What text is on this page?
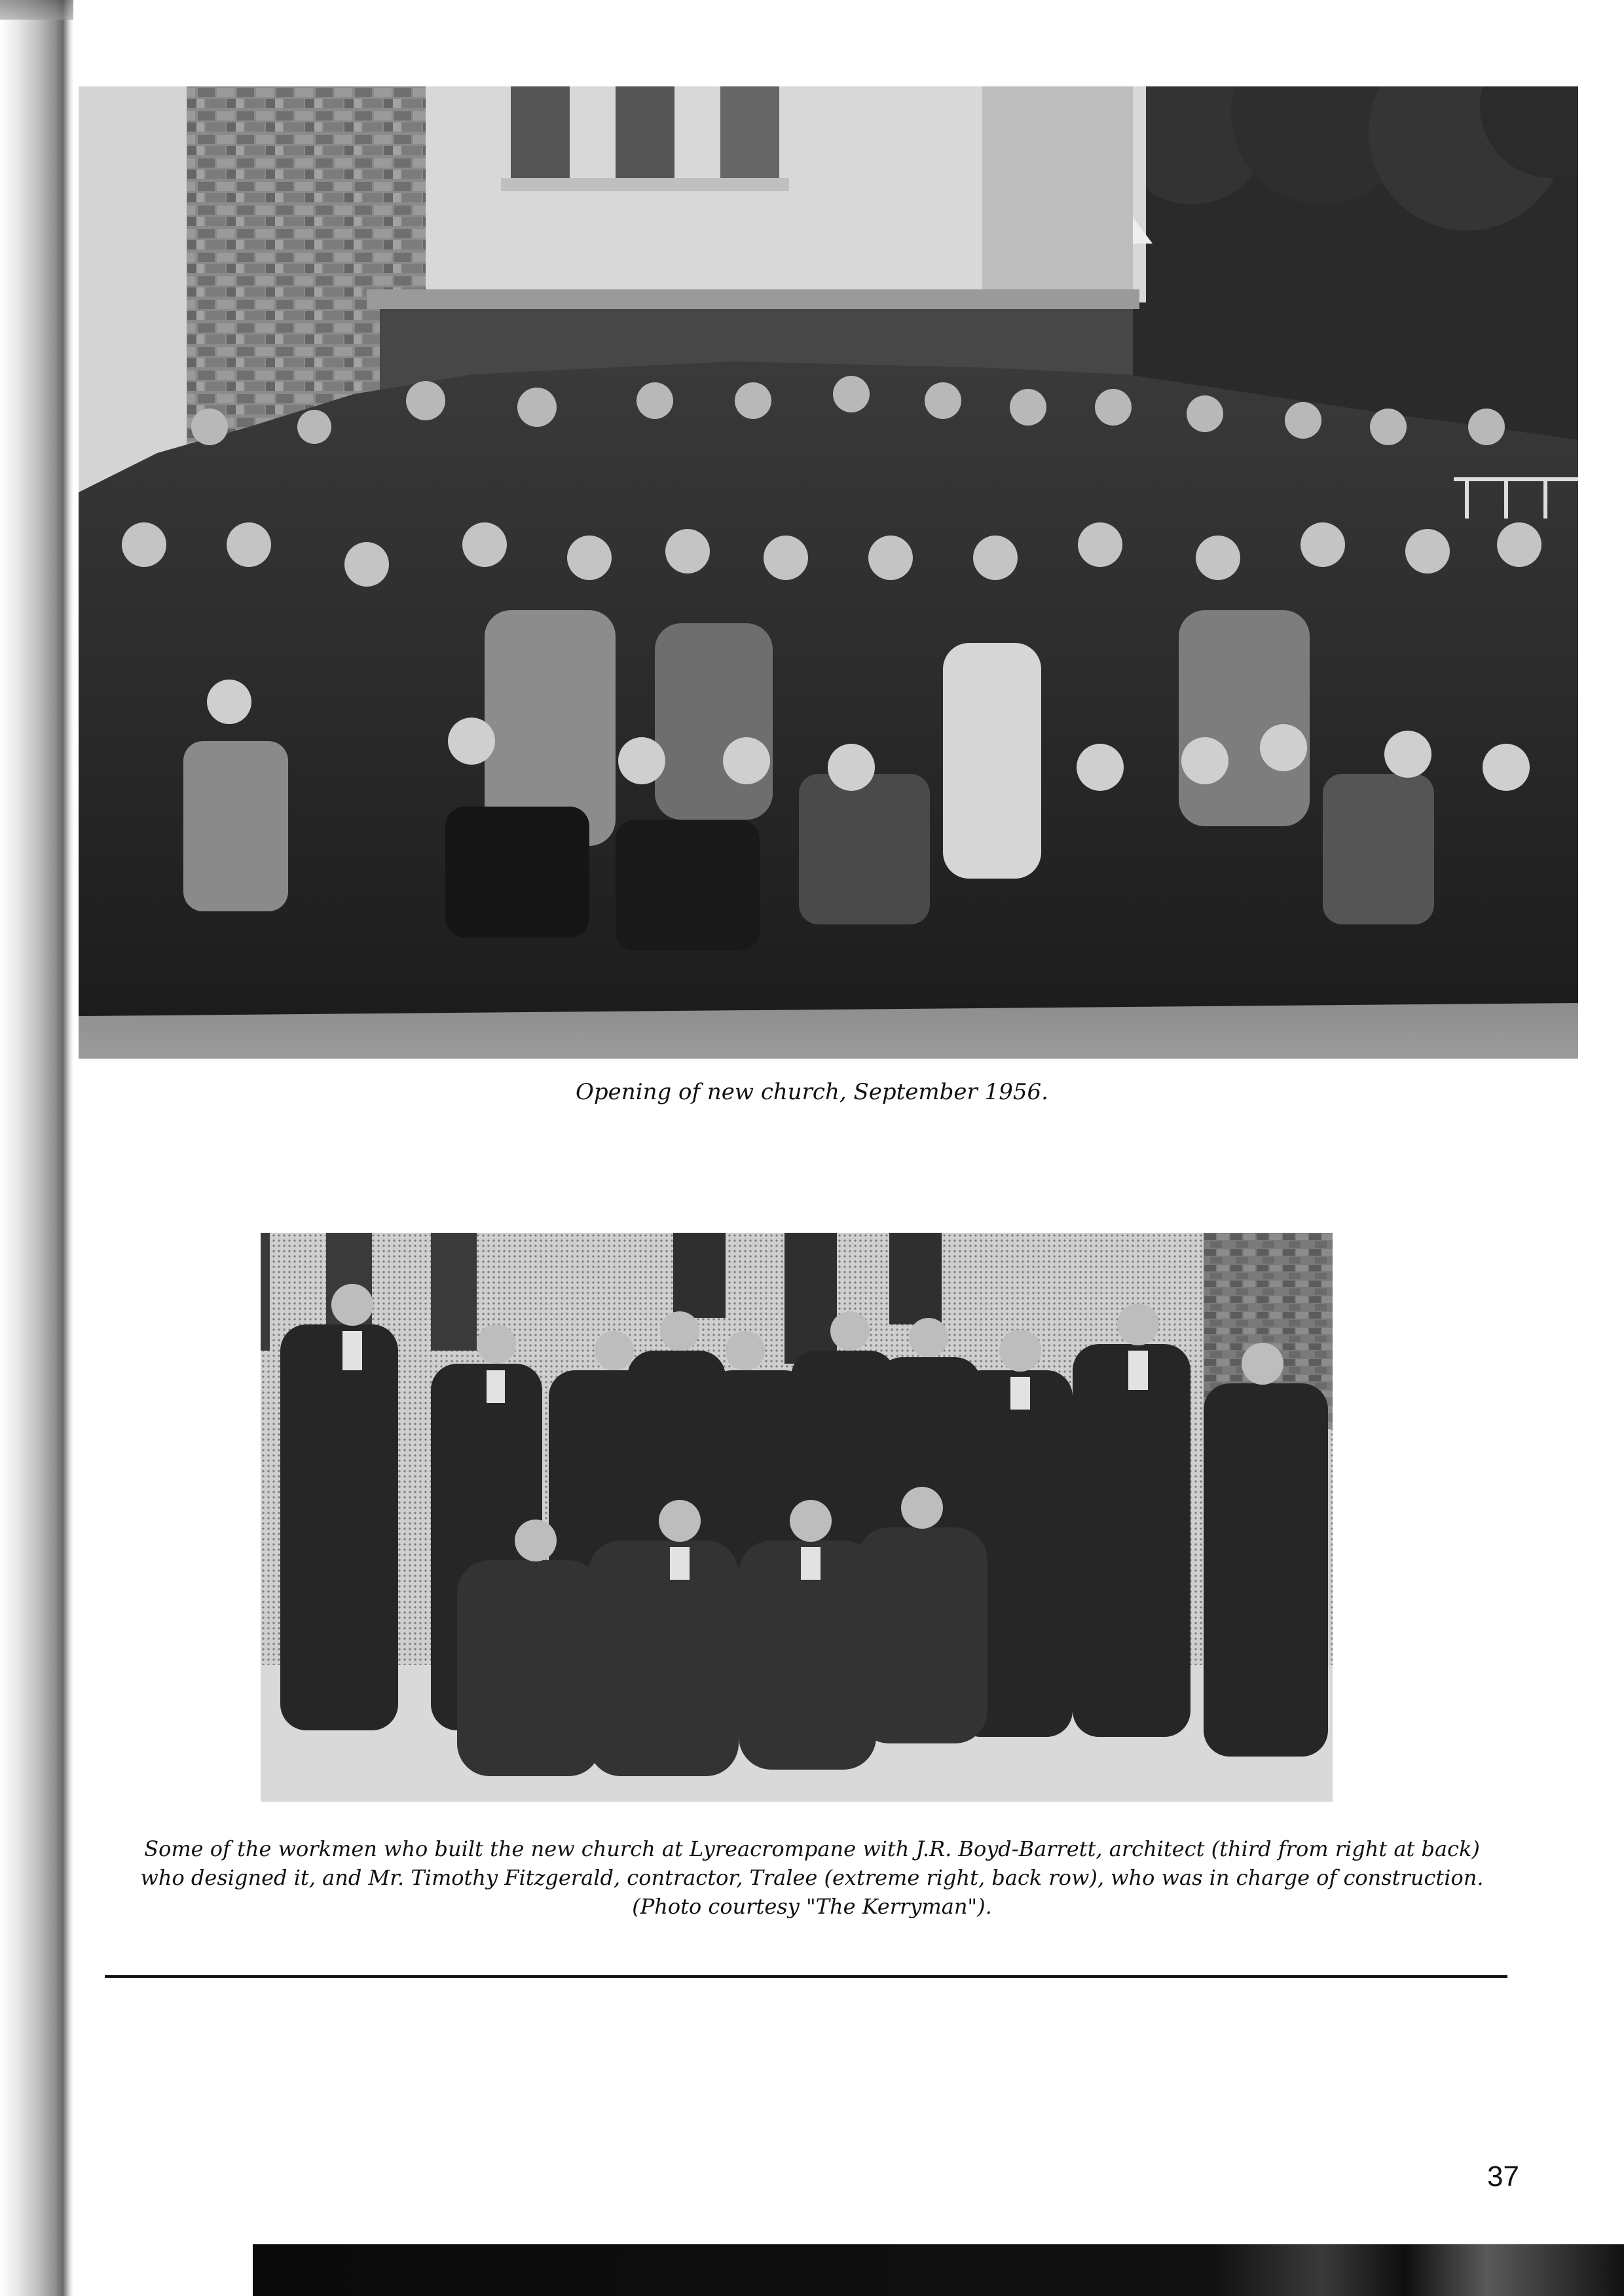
Opening of new church, September 1956.

Some of the workmen who built the new church at Lyreacrompane with J.R. Boyd-Barrett, architect (third from right at back)
who designed it, and Mr. Timothy Fitzgerald, contractor, Tralee (extreme right, back row), who was in charge of construction.
(Photo courtesy "The Kerryman").

37
